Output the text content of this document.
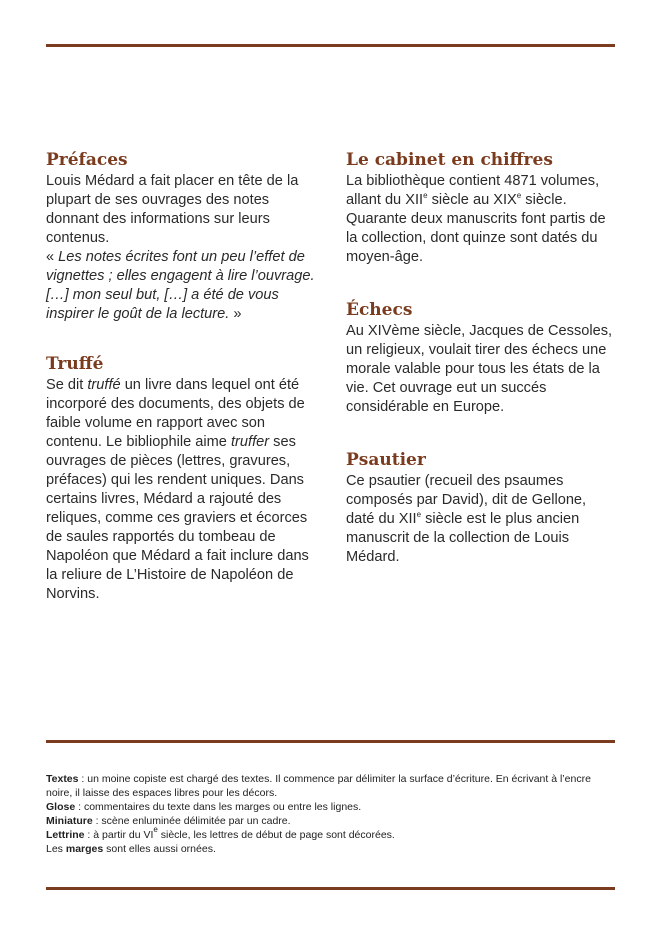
Préfaces

Louis Médard a fait placer en tête de la plupart de ses ouvrages des notes donnant des informations sur leurs contenus.
« Les notes écrites font un peu l’effet de vignettes ; elles engagent à lire l’ouvrage. […] mon seul but, […] a été de vous inspirer le goût de la lecture. »

Truffé

Se dit truffé un livre dans lequel ont été incorporé des documents, des objets de faible volume en rapport avec son contenu. Le bibliophile aime truffer ses ouvrages de pièces (lettres, gravures, préfaces) qui les rendent uniques. Dans certains livres, Médard a rajouté des reliques, comme ces graviers et écorces de saules rapportés du tombeau de Napoléon que Médard a fait inclure dans la reliure de L’Histoire de Napoléon de Norvins.

Le cabinet en chiffres

La bibliothèque contient 4871 volumes, allant du XIIe siècle au XIXe siècle. Quarante deux manuscrits font partis de la collection, dont quinze sont datés du moyen-âge.

Échecs

Au XIVème siècle, Jacques de Cessoles, un religieux, voulait tirer des échecs une morale valable pour tous les états de la vie. Cet ouvrage eut un succés considérable en Europe.

Psautier

Ce psautier (recueil des psaumes composés par David), dit de Gellone, daté du XIIe siècle est le plus ancien manuscrit de la collection de Louis Médard.

Textes : un moine copiste est chargé des textes. Il commence par délimiter la surface d’écriture. En écrivant à l’encre noire, il laisse des espaces libres pour les décors.
Glose : commentaires du texte dans les marges ou entre les lignes.
Miniature : scène enluminée délimitée par un cadre.
Lettrine : à partir du VIe siècle, les lettres de début de page sont décorées.
Les marges sont elles aussi ornées.
